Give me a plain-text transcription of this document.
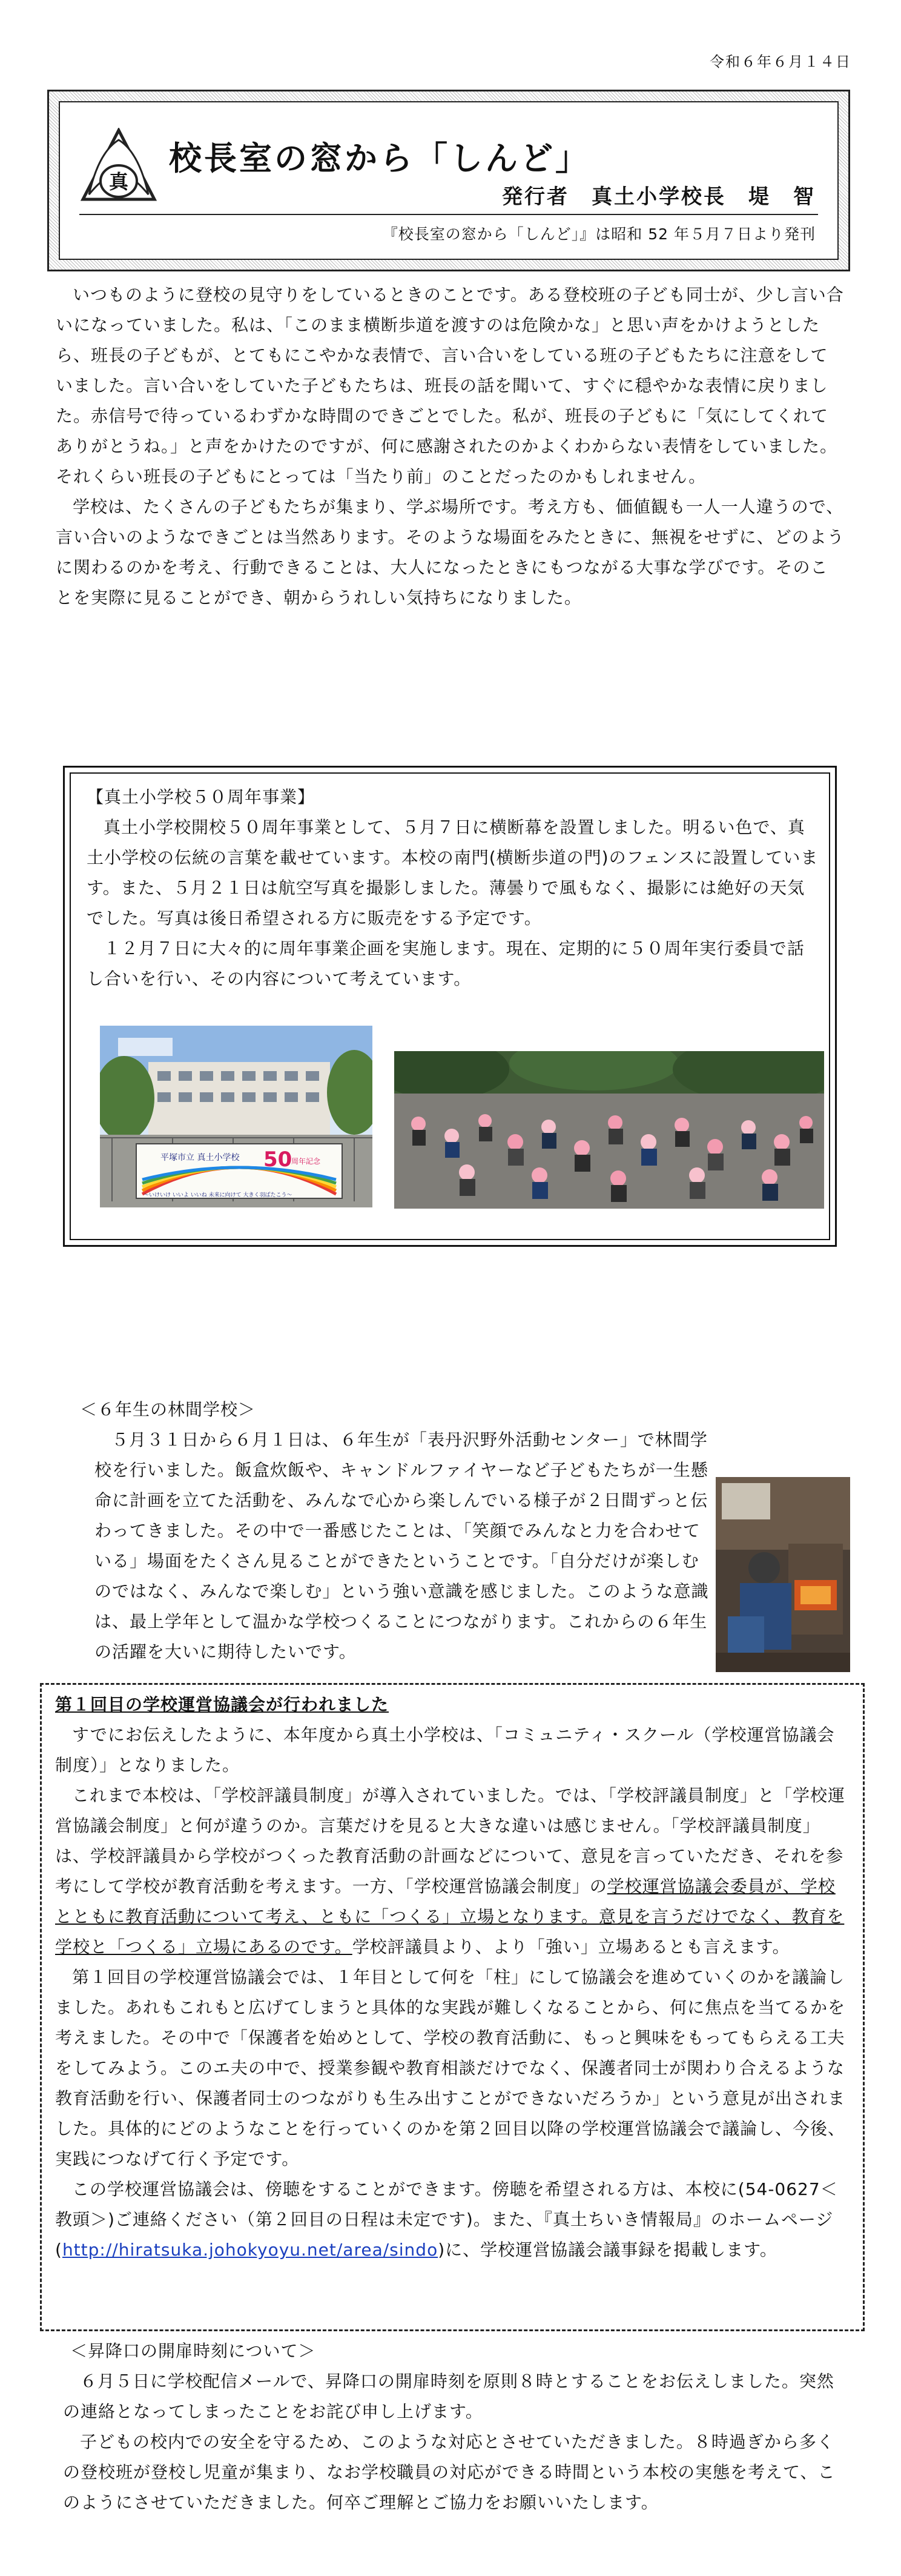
令和６年６月１４日
真
校長室の窓から「しんど」
発行者　真土小学校長　堤　智
『校長室の窓から「しんど」』は昭和 52 年５月７日より発刊

いつものように登校の見守りをしているときのことです。ある登校班の子ども同士が、少し言い合いになっていました。私は、「このまま横断歩道を渡すのは危険かな」と思い声をかけようとしたら、班長の子どもが、とてもにこやかな表情で、言い合いをしている班の子どもたちに注意をしていました。言い合いをしていた子どもたちは、班長の話を聞いて、すぐに穏やかな表情に戻りました。赤信号で待っているわずかな時間のできごとでした。私が、班長の子どもに「気にしてくれてありがとうね。」と声をかけたのですが、何に感謝されたのかよくわからない表情をしていました。それくらい班長の子どもにとっては「当たり前」のことだったのかもしれません。

学校は、たくさんの子どもたちが集まり、学ぶ場所です。考え方も、価値観も一人一人違うので、言い合いのようなできごとは当然あります。そのような場面をみたときに、無視をせずに、どのように関わるのかを考え、行動できることは、大人になったときにもつながる大事な学びです。そのことを実際に見ることができ、朝からうれしい気持ちになりました。

【真土小学校５０周年事業】

真土小学校開校５０周年事業として、５月７日に横断幕を設置しました。明るい色で、真土小学校の伝統の言葉を載せています。本校の南門(横断歩道の門)のフェンスに設置しています。また、５月２１日は航空写真を撮影しました。薄曇りで風もなく、撮影には絶好の天気でした。写真は後日希望される方に販売をする予定です。

１２月７日に大々的に周年事業企画を実施します。現在、定期的に５０周年実行委員で話し合いを行い、その内容について考えています。

平塚市立 真土小学校 50
周年記念
～いけいけ いいよ いいね 未来に向けて 大きく羽ばたこう～
＜６年生の林間学校＞

５月３１日から６月１日は、６年生が「表丹沢野外活動センター」で林間学校を行いました。飯盒炊飯や、キャンドルファイヤーなど子どもたちが一生懸命に計画を立てた活動を、みんなで心から楽しんでいる様子が２日間ずっと伝わってきました。その中で一番感じたことは、「笑顔でみんなと力を合わせている」場面をたくさん見ることができたということです。「自分だけが楽しむのではなく、みんなで楽しむ」という強い意識を感じました。このような意識は、最上学年として温かな学校つくることにつながります。これからの６年生の活躍を大いに期待したいです。

第１回目の学校運営協議会が行われました

すでにお伝えしたように、本年度から真土小学校は、「コミュニティ・スクール（学校運営協議会制度）」となりました。

これまで本校は、「学校評議員制度」が導入されていました。では、「学校評議員制度」と「学校運営協議会制度」と何が違うのか。言葉だけを見ると大きな違いは感じません。「学校評議員制度」は、学校評議員から学校がつくった教育活動の計画などについて、意見を言っていただき、それを参考にして学校が教育活動を考えます。一方、「学校運営協議会制度」の学校運営協議会委員が、学校とともに教育活動について考え、ともに「つくる」立場となります。意見を言うだけでなく、教育を学校と「つくる」立場にあるのです。学校評議員より、より「強い」立場あるとも言えます。

第１回目の学校運営協議会では、１年目として何を「柱」にして協議会を進めていくのかを議論しました。あれもこれもと広げてしまうと具体的な実践が難しくなることから、何に焦点を当てるかを考えました。その中で「保護者を始めとして、学校の教育活動に、もっと興味をもってもらえる工夫をしてみよう。このエ夫の中で、授業参観や教育相談だけでなく、保護者同士が関わり合えるような教育活動を行い、保護者同士のつながりも生み出すことができないだろうか」という意見が出されました。具体的にどのようなことを行っていくのかを第２回目以降の学校運営協議会で議論し、今後、実践につなげて行く予定です。

この学校運営協議会は、傍聴をすることができます。傍聴を希望される方は、本校に(54-0627＜教頭＞)ご連絡ください（第２回目の日程は未定です)。また、『真土ちいき情報局』のホームページ(http://hiratsuka.johokyoyu.net/area/sindo)に、学校運営協議会議事録を掲載します。

＜昇降口の開扉時刻について＞

６月５日に学校配信メールで、昇降口の開扉時刻を原則８時とすることをお伝えしました。突然の連絡となってしまったことをお詫び申し上げます。

子どもの校内での安全を守るため、このような対応とさせていただきました。８時過ぎから多くの登校班が登校し児童が集まり、なお学校職員の対応ができる時間という本校の実態を考えて、このようにさせていただきました。何卒ご理解とご協力をお願いいたします。
